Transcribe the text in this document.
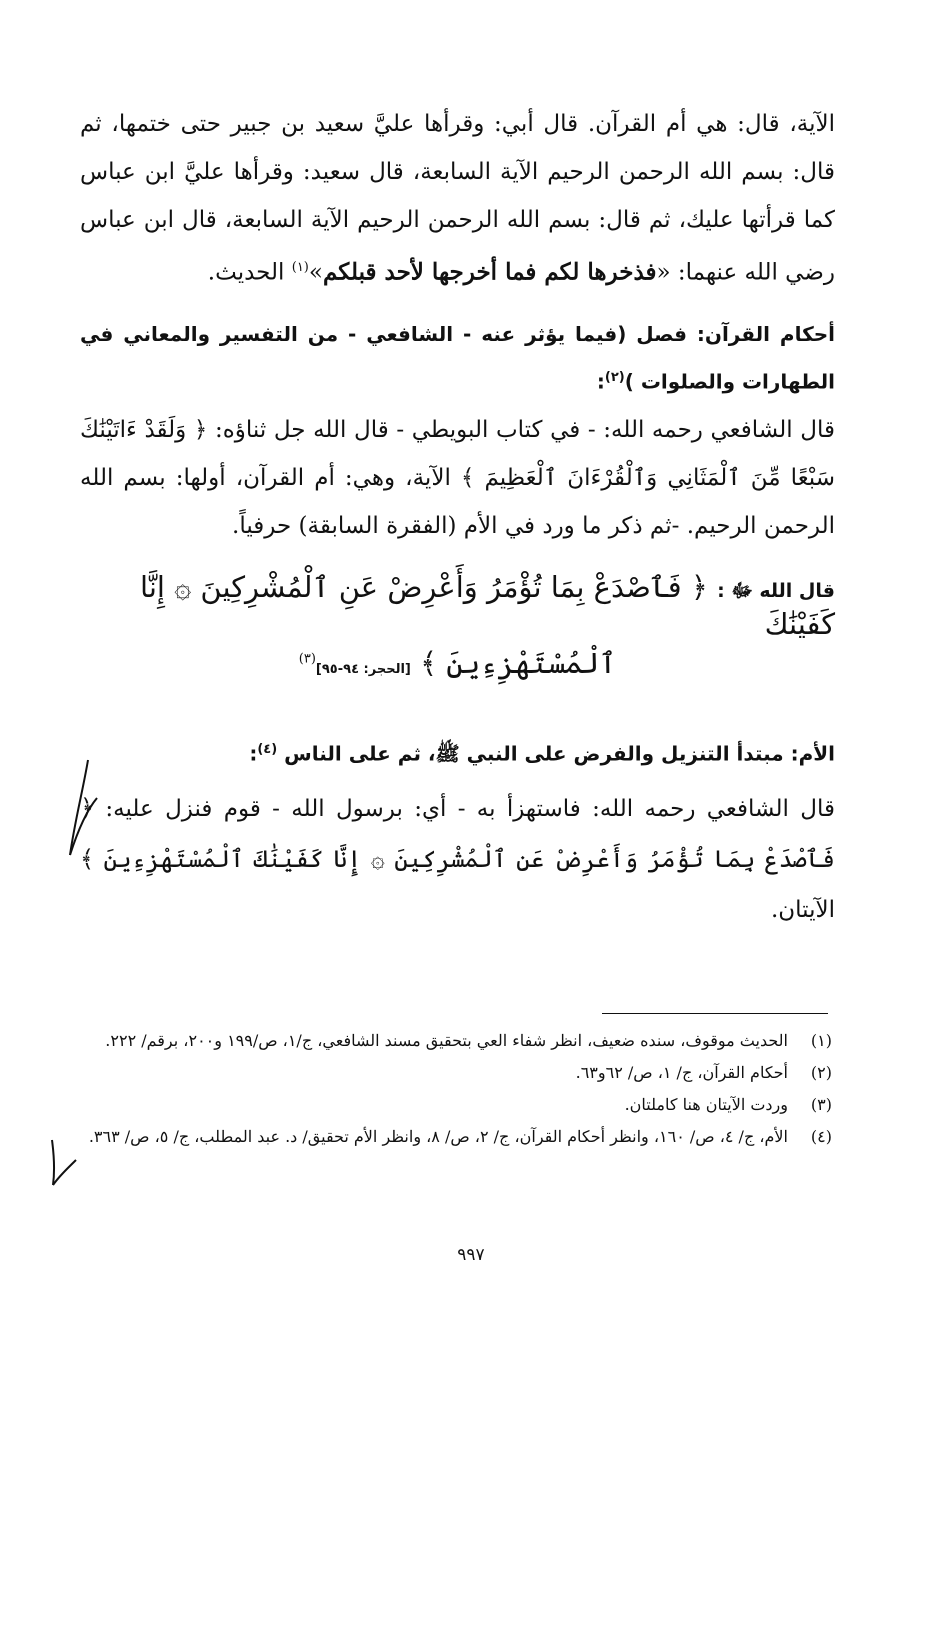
الآية، قال: هي أم القرآن. قال أبي: وقرأها عليَّ سعيد بن جبير حتى ختمها، ثم قال: بسم الله الرحمن الرحيم الآية السابعة، قال سعيد: وقرأها عليَّ ابن عباس كما قرأتها عليك، ثم قال: بسم الله الرحمن الرحيم الآية السابعة، قال ابن عباس رضي الله عنهما: «فذخرها لكم فما أخرجها لأحد قبلكم»$^{(١)}$ الحديث.

أحكام القرآن: فصل (فيما يؤثر عنه - الشافعي - من التفسير والمعاني في الطهارات والصلوات )$^{(٢)}$:

قال الشافعي رحمه الله: - في كتاب البويطي - قال الله جل ثناؤه: ﴿ وَلَقَدْ ءَاتَيْنَٰكَ سَبْعًا مِّنَ ٱلْمَثَانِي وَٱلْقُرْءَانَ ٱلْعَظِيمَ ﴾ الآية، وهي: أم القرآن، أولها: بسم الله الرحمن الرحيم. -ثم ذكر ما ورد في الأم (الفقرة السابقة) حرفياً.

قال الله ﷻ : ﴿ فَٱصْدَعْ بِمَا تُؤْمَرُ وَأَعْرِضْ عَنِ ٱلْمُشْرِكِينَ ۞ إِنَّا كَفَيْنَٰكَ

ٱلْمُسْتَهْزِءِينَ ﴾ [الحجر: ٩٤-٩٥]$^{(٣)}$

الأم: مبتدأ التنزيل والفرض على النبي ﷺ، ثم على الناس $^{(٤)}$:

قال الشافعي رحمه الله: فاستهزأ به - أي: برسول الله - قوم فنزل عليه: ﴿ فَٱصْدَعْ بِمَا تُؤْمَرُ وَأَعْرِضْ عَنِ ٱلْمُشْرِكِينَ ۞ إِنَّا كَفَيْنَٰكَ ٱلْمُسْتَهْزِءِينَ ﴾ الآيتان.

(١)
الحديث موقوف، سنده ضعيف، انظر شفاء العي بتحقيق مسند الشافعي، ج/١، ص/١٩٩ و٢٠٠، برقم/ ٢٢٢.
(٢)
أحكام القرآن، ج/ ١، ص/ ٦٢و٦٣.
(٣)
وردت الآيتان هنا كاملتان.
(٤)
الأم، ج/ ٤، ص/ ١٦٠، وانظر أحكام القرآن، ج/ ٢، ص/ ٨، وانظر الأم تحقيق/ د. عبد المطلب، ج/ ٥، ص/ ٣٦٣.
٩٩٧
